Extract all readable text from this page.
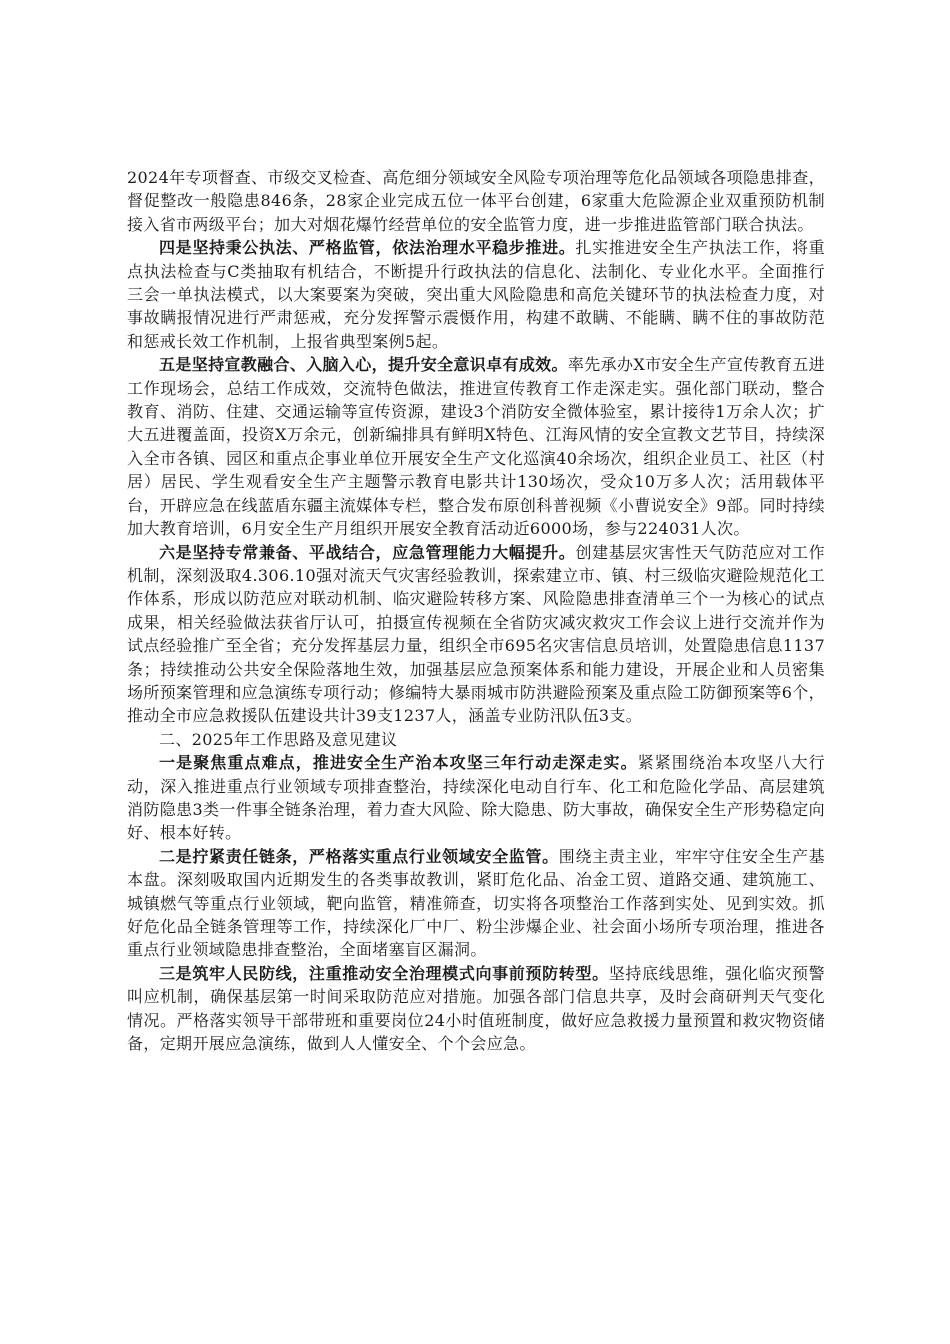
2024年专项督查、市级交叉检查、高危细分领域安全风险专项治理等危化品领域各项隐患排查，督促整改一般隐患846条，28家企业完成五位一体平台创建，6家重大危险源企业双重预防机制接入省市两级平台；加大对烟花爆竹经营单位的安全监管力度，进一步推进监管部门联合执法。

四是坚持秉公执法、严格监管，依法治理水平稳步推进。扎实推进安全生产执法工作，将重点执法检查与C类抽取有机结合，不断提升行政执法的信息化、法制化、专业化水平。全面推行三会一单执法模式，以大案要案为突破，突出重大风险隐患和高危关键环节的执法检查力度，对事故瞒报情况进行严肃惩戒，充分发挥警示震慑作用，构建不敢瞒、不能瞒、瞒不住的事故防范和惩戒长效工作机制，上报省典型案例5起。

五是坚持宣教融合、入脑入心，提升安全意识卓有成效。率先承办X市安全生产宣传教育五进工作现场会，总结工作成效，交流特色做法，推进宣传教育工作走深走实。强化部门联动，整合教育、消防、住建、交通运输等宣传资源，建设3个消防安全微体验室，累计接待1万余人次；扩大五进覆盖面，投资X万余元，创新编排具有鲜明X特色、江海风情的安全宣教文艺节目，持续深入全市各镇、园区和重点企事业单位开展安全生产文化巡演40余场次，组织企业员工、社区（村居）居民、学生观看安全生产主题警示教育电影共计130场次，受众10万多人次；活用载体平台，开辟应急在线蓝盾东疆主流媒体专栏，整合发布原创科普视频《小曹说安全》9部。同时持续加大教育培训，6月安全生产月组织开展安全教育活动近6000场，参与224031人次。

六是坚持专常兼备、平战结合，应急管理能力大幅提升。创建基层灾害性天气防范应对工作机制，深刻汲取4.306.10强对流天气灾害经验教训，探索建立市、镇、村三级临灾避险规范化工作体系，形成以防范应对联动机制、临灾避险转移方案、风险隐患排查清单三个一为核心的试点成果，相关经验做法获省厅认可，拍摄宣传视频在全省防灾减灾救灾工作会议上进行交流并作为试点经验推广至全省；充分发挥基层力量，组织全市695名灾害信息员培训，处置隐患信息1137条；持续推动公共安全保险落地生效，加强基层应急预案体系和能力建设，开展企业和人员密集场所预案管理和应急演练专项行动；修编特大暴雨城市防洪避险预案及重点险工防御预案等6个，推动全市应急救援队伍建设共计39支1237人，涵盖专业防汛队伍3支。

二、2025年工作思路及意见建议

一是聚焦重点难点，推进安全生产治本攻坚三年行动走深走实。紧紧围绕治本攻坚八大行动，深入推进重点行业领域专项排查整治，持续深化电动自行车、化工和危险化学品、高层建筑消防隐患3类一件事全链条治理，着力查大风险、除大隐患、防大事故，确保安全生产形势稳定向好、根本好转。

二是拧紧责任链条，严格落实重点行业领域安全监管。围绕主责主业，牢牢守住安全生产基本盘。深刻吸取国内近期发生的各类事故教训，紧盯危化品、冶金工贸、道路交通、建筑施工、城镇燃气等重点行业领域，靶向监管，精准筛查，切实将各项整治工作落到实处、见到实效。抓好危化品全链条管理等工作，持续深化厂中厂、粉尘涉爆企业、社会面小场所专项治理，推进各重点行业领域隐患排查整治，全面堵塞盲区漏洞。

三是筑牢人民防线，注重推动安全治理模式向事前预防转型。坚持底线思维，强化临灾预警叫应机制，确保基层第一时间采取防范应对措施。加强各部门信息共享，及时会商研判天气变化情况。严格落实领导干部带班和重要岗位24小时值班制度，做好应急救援力量预置和救灾物资储备，定期开展应急演练，做到人人懂安全、个个会应急。
